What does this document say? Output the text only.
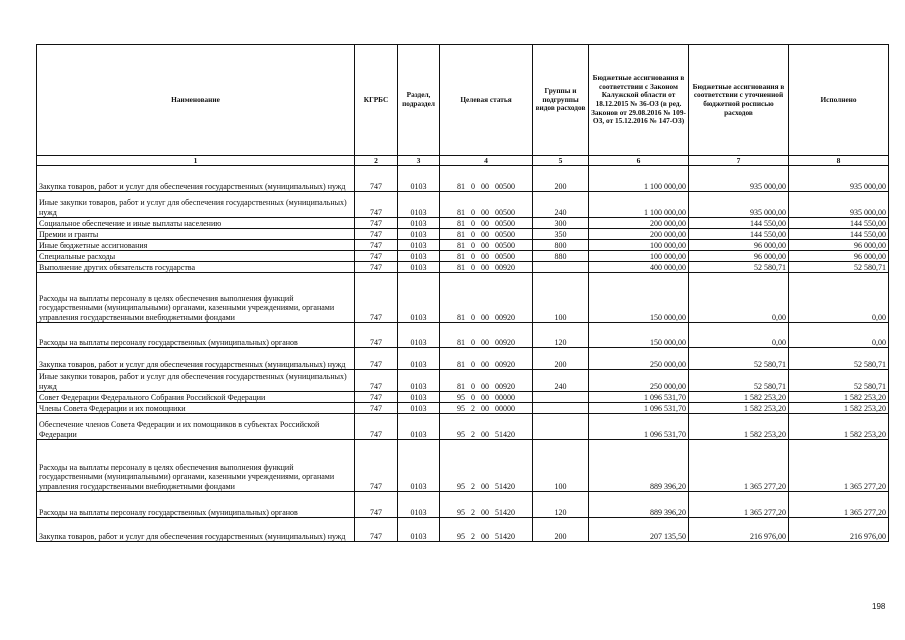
Наименование	КГРБС	Раздел, подраздел	Целевая статья	Группы и подгруппы видов расходов	Бюджетные ассигнования в соответствии с Законом Калужской области от 18.12.2015 № 36-ОЗ (в ред. Законов от 29.08.2016 № 109-ОЗ, от 15.12.2016 № 147-ОЗ)	Бюджетные ассигнования в соответствии с уточненной бюджетной росписью расходов	Исполнено
1	2	3	4	5	6	7	8
Закупка товаров, работ и услуг для обеспечения государственных (муниципальных) нужд	747	0103	81  0  00  00500	200	1 100 000,00	935 000,00	935 000,00
Иные закупки товаров, работ и услуг для обеспечения государственных (муниципальных) нужд	747	0103	81  0  00  00500	240	1 100 000,00	935 000,00	935 000,00
Социальное обеспечение и иные выплаты населению	747	0103	81  0  00  00500	300	200 000,00	144 550,00	144 550,00
Премии и гранты	747	0103	81  0  00  00500	350	200 000,00	144 550,00	144 550,00
Иные бюджетные ассигнования	747	0103	81  0  00  00500	800	100 000,00	96 000,00	96 000,00
Специальные расходы	747	0103	81  0  00  00500	880	100 000,00	96 000,00	96 000,00
Выполнение других обязательств государства	747	0103	81  0  00  00920		400 000,00	52 580,71	52 580,71
Расходы на выплаты персоналу в целях обеспечения выполнения функций государственными (муниципальными) органами, казенными учреждениями, органами управления государственными внебюджетными фондами	747	0103	81  0  00  00920	100	150 000,00	0,00	0,00
Расходы на выплаты персоналу государственных (муниципальных) органов	747	0103	81  0  00  00920	120	150 000,00	0,00	0,00
Закупка товаров, работ и услуг для обеспечения государственных (муниципальных) нужд	747	0103	81  0  00  00920	200	250 000,00	52 580,71	52 580,71
Иные закупки товаров, работ и услуг для обеспечения государственных (муниципальных) нужд	747	0103	81  0  00  00920	240	250 000,00	52 580,71	52 580,71
Совет Федерации Федерального Собрания Российской Федерации	747	0103	95  0  00  00000		1 096 531,70	1 582 253,20	1 582 253,20
Члены Совета Федерации и их помощники	747	0103	95  2  00  00000		1 096 531,70	1 582 253,20	1 582 253,20
Обеспечение членов Совета Федерации и их помощников в субъектах Российской Федерации	747	0103	95  2  00  51420		1 096 531,70	1 582 253,20	1 582 253,20
Расходы на выплаты персоналу в целях обеспечения выполнения функций государственными (муниципальными) органами, казенными учреждениями, органами управления государственными внебюджетными фондами	747	0103	95  2  00  51420	100	889 396,20	1 365 277,20	1 365 277,20
Расходы на выплаты персоналу государственных (муниципальных) органов	747	0103	95  2  00  51420	120	889 396,20	1 365 277,20	1 365 277,20
Закупка товаров, работ и услуг для обеспечения государственных (муниципальных) нужд	747	0103	95  2  00  51420	200	207 135,50	216 976,00	216 976,00
198
